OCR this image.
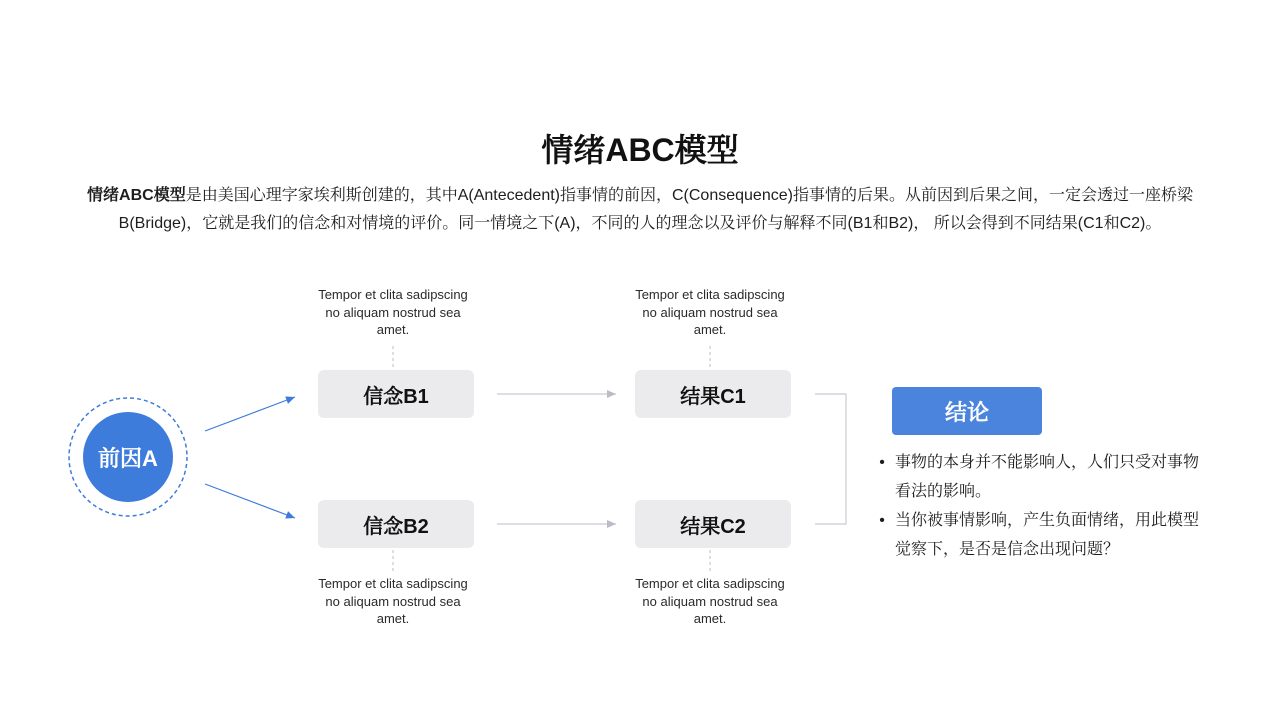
情绪ABC模型
情绪ABC模型是由美国心理字家埃利斯创建的，其中A(Antecedent)指事情的前因，C(Consequence)指事情的后果。从前因到后果之间，一定会透过一座桥梁
B(Bridge)，它就是我们的信念和对情境的评价。同一情境之下(A)，不同的人的理念以及评价与解释不同(B1和B2)， 所以会得到不同结果(C1和C2)。
前因A
信念B1	结果C1
信念B2	结果C2
Tempor et clita sadipscing
no aliquam nostrud sea
amet.
Tempor et clita sadipscing
no aliquam nostrud sea
amet.
Tempor et clita sadipscing
no aliquam nostrud sea
amet.
Tempor et clita sadipscing
no aliquam nostrud sea
amet.
结论
•
事物的本身并不能影响人，人们只受对事物看法的影响。
•
当你被事情影响，产生负面情绪，用此模型觉察下，是否是信念出现问题？
